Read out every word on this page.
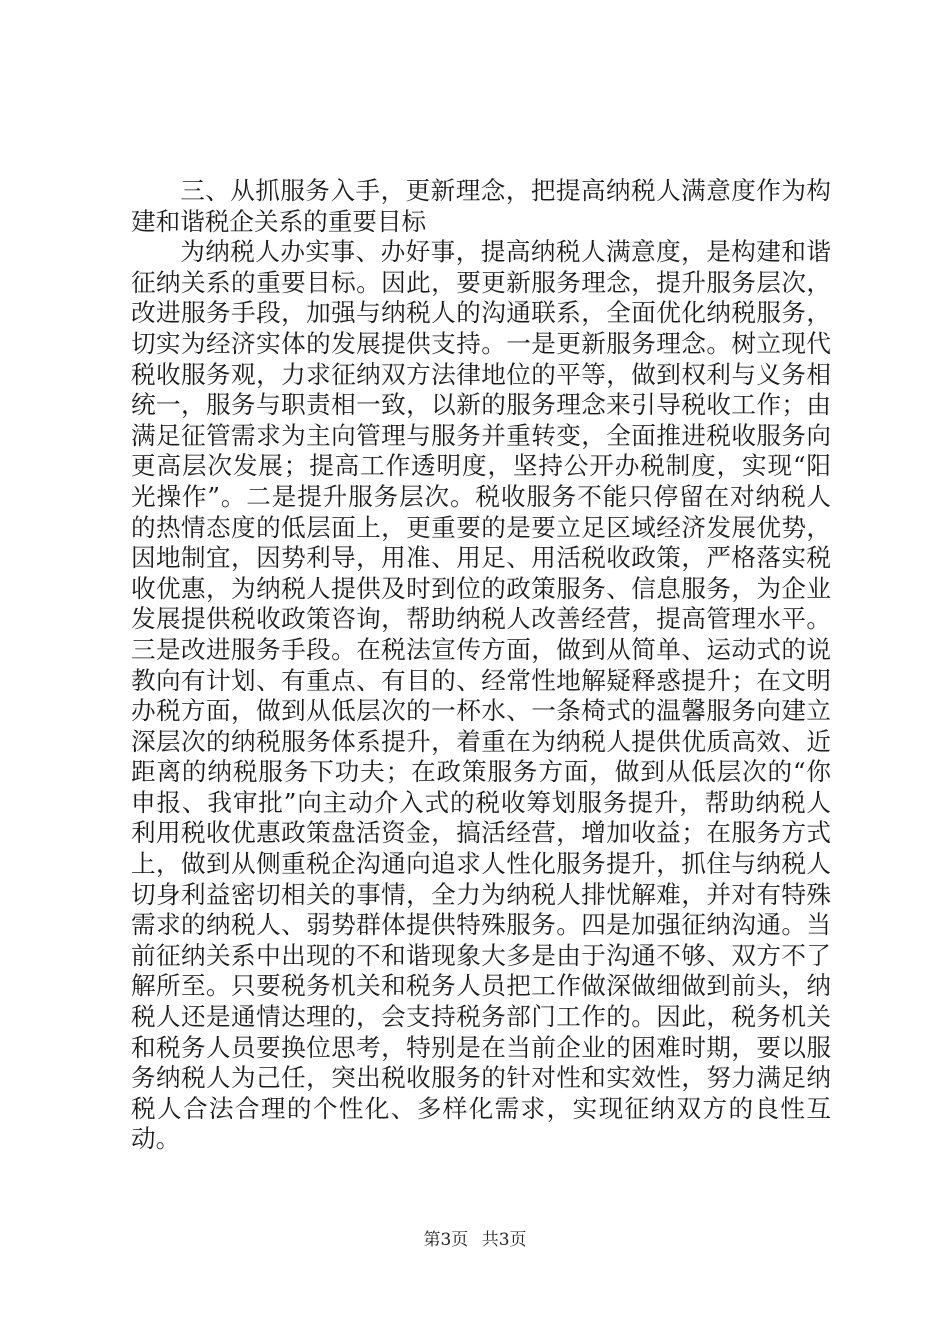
三、从抓服务入手，更新理念，把提高纳税人满意度作为构建和谐税企关系的重要目标

为纳税人办实事、办好事，提高纳税人满意度，是构建和谐征纳关系的重要目标。因此，要更新服务理念，提升服务层次，改进服务手段，加强与纳税人的沟通联系，全面优化纳税服务，切实为经济实体的发展提供支持。一是更新服务理念。树立现代税收服务观，力求征纳双方法律地位的平等，做到权利与义务相统一，服务与职责相一致，以新的服务理念来引导税收工作；由满足征管需求为主向管理与服务并重转变，全面推进税收服务向更高层次发展；提高工作透明度，坚持公开办税制度，实现“阳光操作”。二是提升服务层次。税收服务不能只停留在对纳税人的热情态度的低层面上，更重要的是要立足区域经济发展优势，因地制宜，因势利导，用准、用足、用活税收政策，严格落实税收优惠，为纳税人提供及时到位的政策服务、信息服务，为企业发展提供税收政策咨询，帮助纳税人改善经营，提高管理水平。三是改进服务手段。在税法宣传方面，做到从简单、运动式的说教向有计划、有重点、有目的、经常性地解疑释惑提升；在文明办税方面，做到从低层次的一杯水、一条椅式的温馨服务向建立深层次的纳税服务体系提升，着重在为纳税人提供优质高效、近距离的纳税服务下功夫；在政策服务方面，做到从低层次的“你申报、我审批”向主动介入式的税收筹划服务提升，帮助纳税人利用税收优惠政策盘活资金，搞活经营，增加收益；在服务方式上，做到从侧重税企沟通向追求人性化服务提升，抓住与纳税人切身利益密切相关的事情，全力为纳税人排忧解难，并对有特殊需求的纳税人、弱势群体提供特殊服务。四是加强征纳沟通。当前征纳关系中出现的不和谐现象大多是由于沟通不够、双方不了解所至。只要税务机关和税务人员把工作做深做细做到前头，纳税人还是通情达理的，会支持税务部门工作的。因此，税务机关和税务人员要换位思考，特别是在当前企业的困难时期，要以服务纳税人为己任，突出税收服务的针对性和实效性，努力满足纳税人合法合理的个性化、多样化需求，实现征纳双方的良性互动。

第3页 共3页
